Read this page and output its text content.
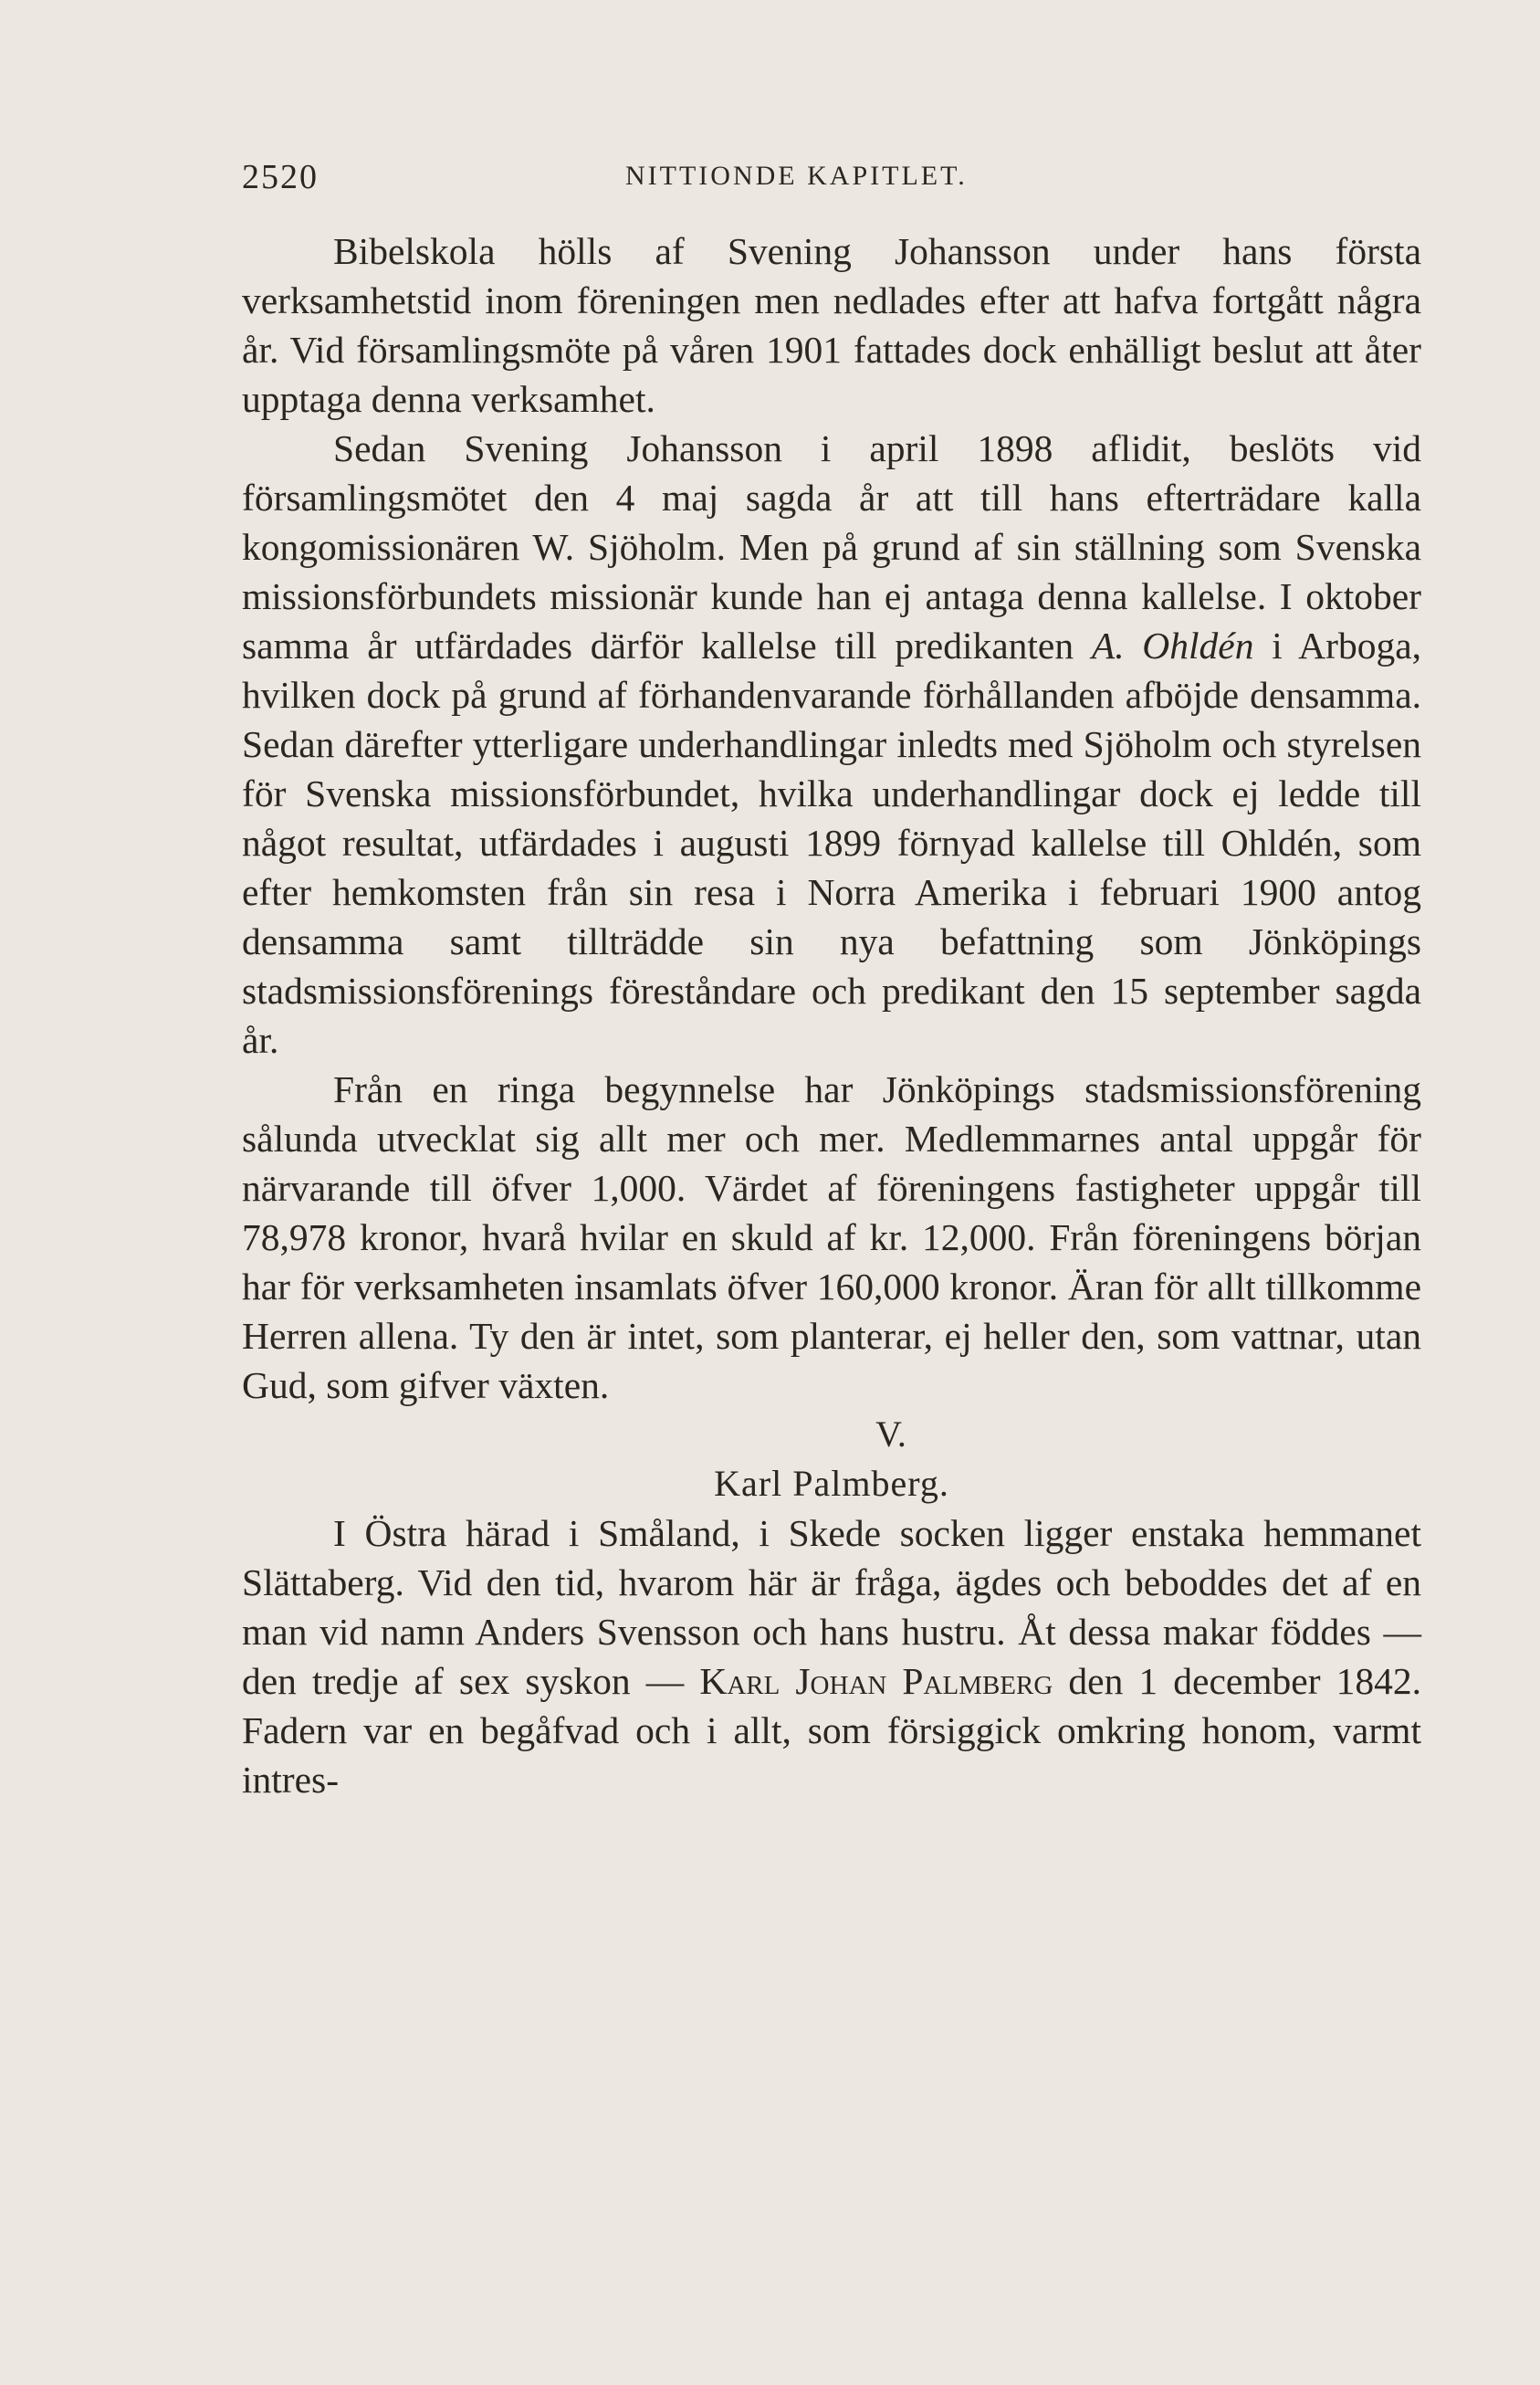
2520	NITTIONDE KAPITLET.

Bibelskola hölls af Svening Johansson under hans första verksamhetstid inom föreningen men nedlades efter att hafva fortgått några år. Vid församlingsmöte på våren 1901 fattades dock enhälligt beslut att åter upptaga denna verksamhet.

Sedan Svening Johansson i april 1898 aflidit, beslöts vid församlingsmötet den 4 maj sagda år att till hans efterträdare kalla kongomissionären W. Sjöholm. Men på grund af sin ställning som Svenska missionsförbundets missionär kunde han ej antaga denna kallelse. I oktober samma år utfärdades därför kallelse till predikanten A. Ohldén i Arboga, hvilken dock på grund af förhandenvarande förhållanden afböjde densamma. Sedan därefter ytterligare underhandlingar inledts med Sjöholm och styrelsen för Svenska missionsförbundet, hvilka underhandlingar dock ej ledde till något resultat, utfärdades i augusti 1899 förnyad kallelse till Ohldén, som efter hemkomsten från sin resa i Norra Amerika i februari 1900 antog densamma samt tillträdde sin nya befattning som Jönköpings stadsmissionsförenings föreståndare och predikant den 15 september sagda år.

Från en ringa begynnelse har Jönköpings stadsmissionsförening sålunda utvecklat sig allt mer och mer. Medlemmarnes antal uppgår för närvarande till öfver 1,000. Värdet af föreningens fastigheter uppgår till 78,978 kronor, hvarå hvilar en skuld af kr. 12,000. Från föreningens början har för verksamheten insamlats öfver 160,000 kronor. Äran för allt tillkomme Herren allena. Ty den är intet, som planterar, ej heller den, som vattnar, utan Gud, som gifver växten.

V.

Karl Palmberg.

I Östra härad i Småland, i Skede socken ligger enstaka hemmanet Slättaberg. Vid den tid, hvarom här är fråga, ägdes och beboddes det af en man vid namn Anders Svensson och hans hustru. Åt dessa makar föddes — den tredje af sex syskon — Karl Johan Palmberg den 1 december 1842. Fadern var en begåfvad och i allt, som försiggick omkring honom, varmt intres-
